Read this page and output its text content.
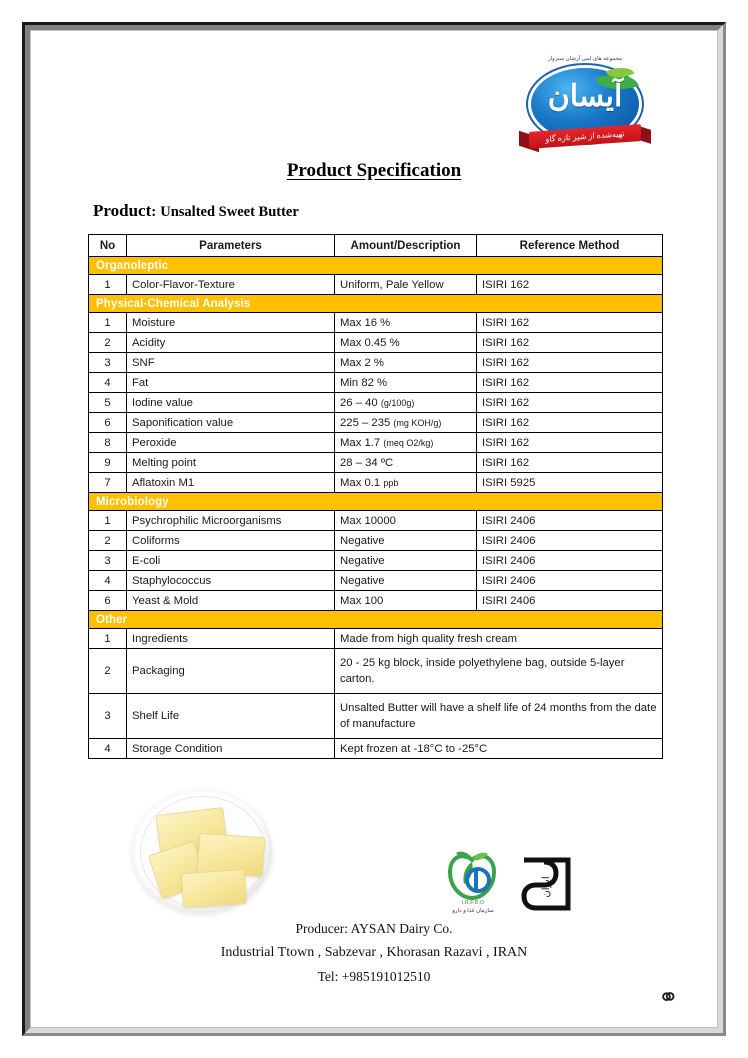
مجموعه های لبنی آرشان سبزوار
آیسان
تهیه‌شده از شیر تازه گاو
Product Specification
Product: Unsalted Sweet Butter
No	Parameters	Amount/Description	Reference Method
Organoleptic			
1	Color-Flavor-Texture	Uniform, Pale Yellow	ISIRI 162
Physical-Chemical Analysis			
1	Moisture	Max 16 %	ISIRI 162
2	Acidity	Max 0.45 %	ISIRI 162
3	SNF	Max 2 %	ISIRI 162
4	Fat	Min 82 %	ISIRI 162
5	Iodine value	26 – 40 (g/100g)	ISIRI 162
6	Saponification value	225 – 235 (mg KOH/g)	ISIRI 162
8	Peroxide	Max 1.7 (meq O2/kg)	ISIRI 162
9	Melting point	28 – 34 ºC	ISIRI 162
7	Aflatoxin M1	Max 0.1 ppb	ISIRI 5925
Microbiology			
1	Psychrophilic Microorganisms	Max 10000	ISIRI 2406
2	Coliforms	Negative	ISIRI 2406
3	E-coli	Negative	ISIRI 2406
4	Staphylococcus	Negative	ISIRI 2406
6	Yeast & Mold	Max 100	ISIRI 2406
Other			
1	Ingredients	Made from high quality fresh cream	
2	Packaging	20 - 25 kg block, inside polyethylene bag, outside 5-layer carton.	
3	Shelf Life	Unsalted Butter will have a shelf life of 24 months from the date of manufacture	
4	Storage Condition	Kept frozen at -18°C to -25°C	
I.R.F.D.O
سازمان غذا و دارو
ایران
Producer: AYSAN Dairy Co.
Industrial Ttown , Sabzevar , Khorasan Razavi , IRAN
Tel: +985191012510
⚭
